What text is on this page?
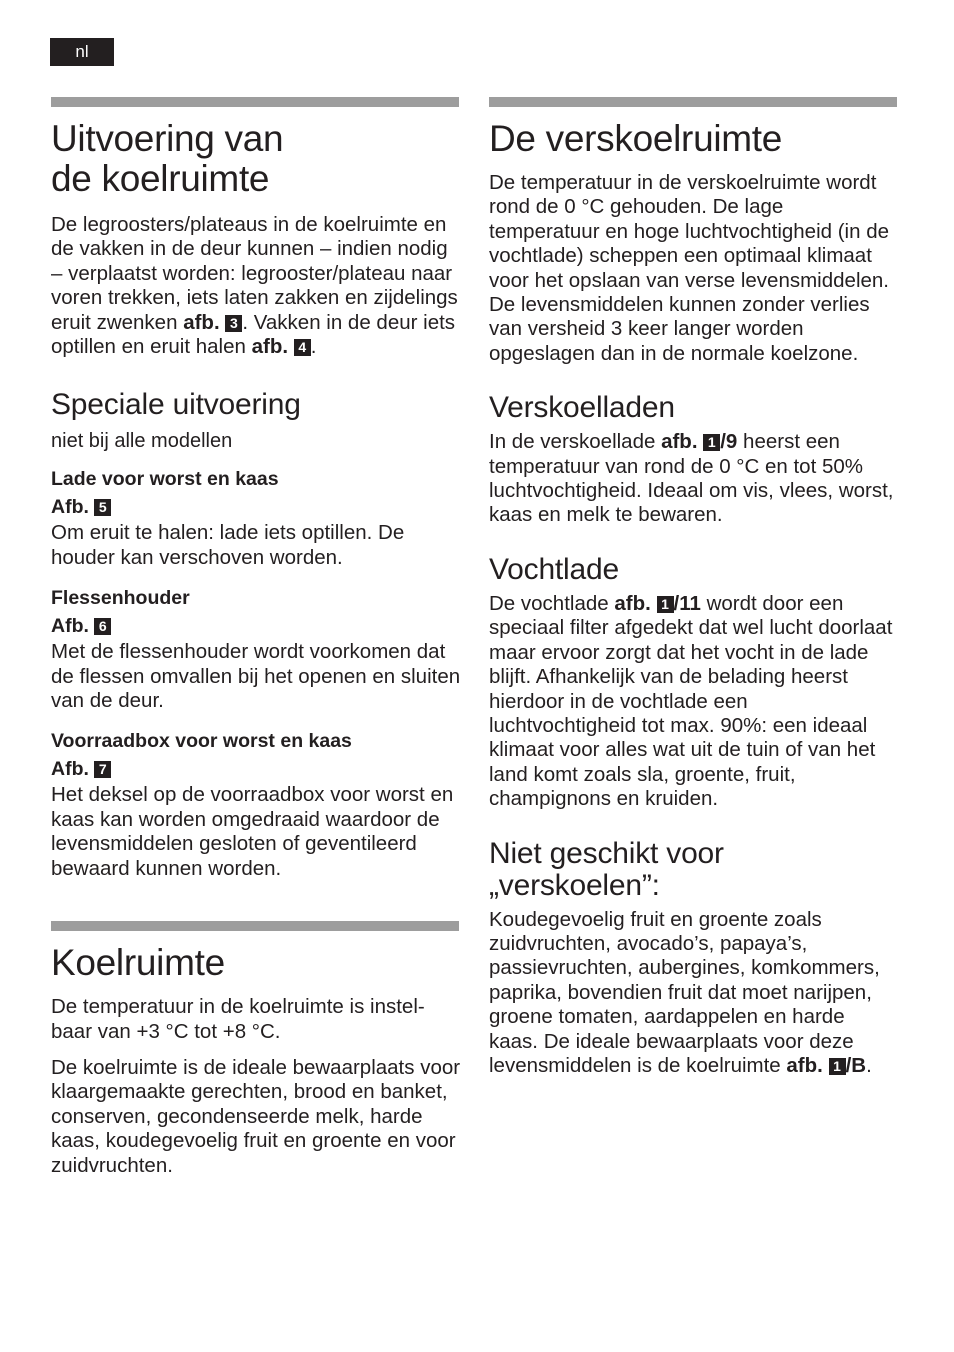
nl
Uitvoering van
de koelruimte

De legroosters/plateaus in de koelruimte en de vakken in de deur kunnen – indien nodig – verplaatst worden: legrooster/plateau naar voren trekken, iets laten zakken en zijdelings eruit zwenken afb. 3 . Vakken in de deur iets optillen en eruit halen afb. 4 .

Speciale uitvoering

niet bij alle modellen

Lade voor worst en kaas
Afb. 5

Om eruit te halen: lade iets optillen. De houder kan verschoven worden.

Flessenhouder
Afb. 6

Met de flessenhouder wordt voorkomen dat de flessen omvallen bij het openen en sluiten van de deur.

Voorraadbox voor worst en kaas
Afb. 7

Het deksel op de voorraadbox voor worst en kaas kan worden omgedraaid waardoor de levensmiddelen gesloten of geventileerd bewaard kunnen worden.

Koelruimte

De temperatuur in de koelruimte is instel-baar van +3 °C tot +8 °C.

De koelruimte is de ideale bewaarplaats voor klaargemaakte gerechten, brood en banket, conserven, gecondenseerde melk, harde kaas, koudegevoelig fruit en groente en voor zuidvruchten.

De verskoelruimte

De temperatuur in de verskoelruimte wordt rond de 0 °C gehouden. De lage temperatuur en hoge luchtvochtigheid (in de vochtlade) scheppen een optimaal klimaat voor het opslaan van verse levensmiddelen.

De levensmiddelen kunnen zonder verlies van versheid 3 keer langer worden opgeslagen dan in de normale koelzone.

Verskoelladen

In de verskoellade afb. 1 /9 heerst een temperatuur van rond de 0 °C en tot 50% luchtvochtigheid. Ideaal om vis, vlees, worst, kaas en melk te bewaren.

Vochtlade

De vochtlade afb. 1 /11 wordt door een speciaal filter afgedekt dat wel lucht doorlaat maar ervoor zorgt dat het vocht in de lade blijft. Afhankelijk van de belading heerst hierdoor in de vochtlade een luchtvochtigheid tot max. 90%: een ideaal klimaat voor alles wat uit de tuin of van het land komt zoals sla, groente, fruit, champignons en kruiden.

Niet geschikt voor
„verskoelen”:

Koudegevoelig fruit en groente zoals zuidvruchten, avocado’s, papaya’s, passievruchten, aubergines, komkommers, paprika, bovendien fruit dat moet narijpen, groene tomaten, aardappelen en harde kaas. De ideale bewaarplaats voor deze levensmiddelen is de koelruimte afb. 1 /B.
